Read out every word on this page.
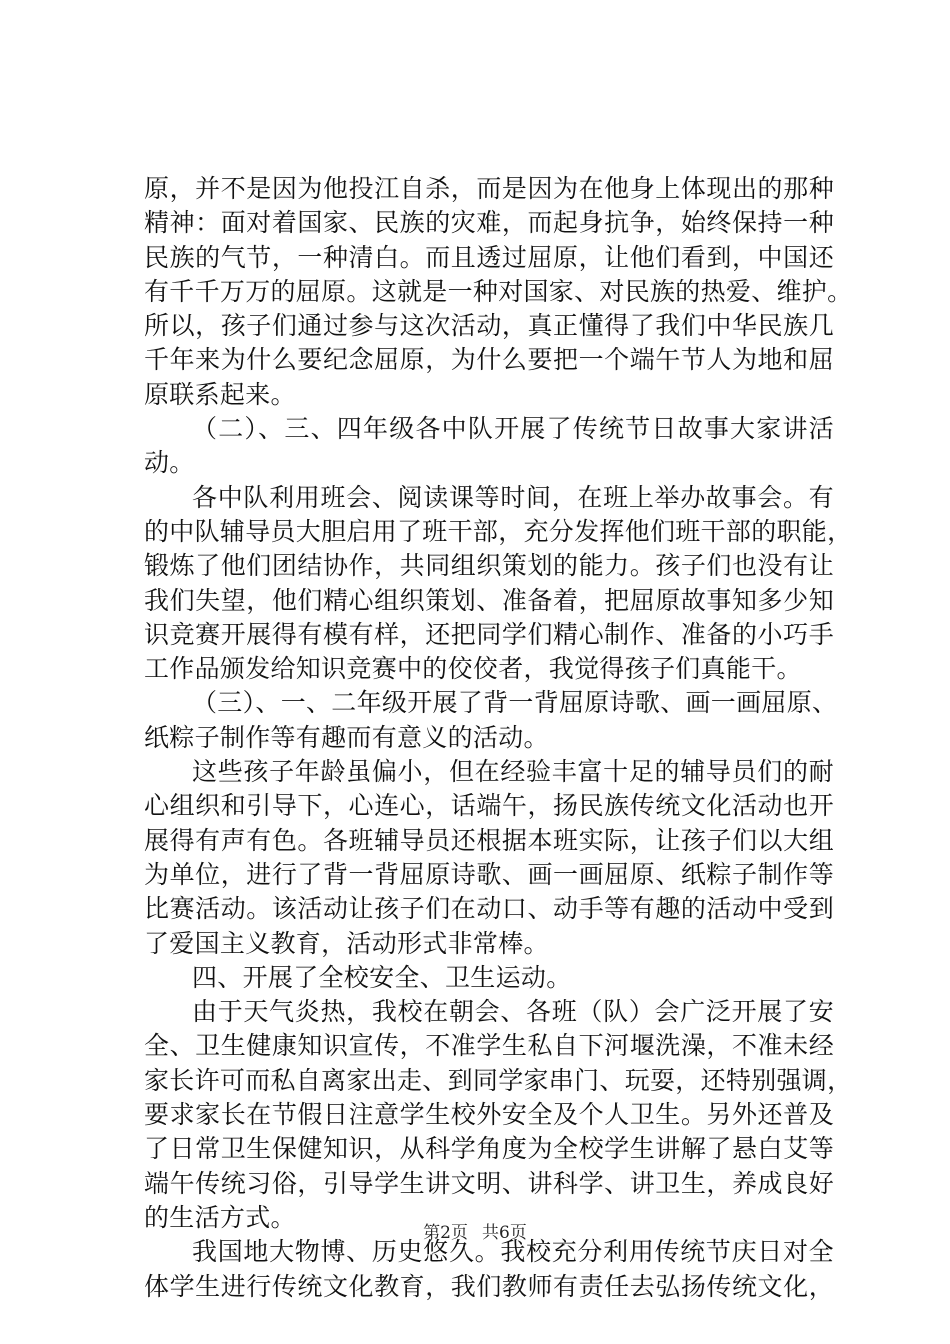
原，并不是因为他投江自杀，而是因为在他身上体现出的那种
精神：面对着国家、民族的灾难，而起身抗争，始终保持一种
民族的气节，一种清白。而且透过屈原，让他们看到，中国还
有千千万万的屈原。这就是一种对国家、对民族的热爱、维护。
所以，孩子们通过参与这次活动，真正懂得了我们中华民族几
千年来为什么要纪念屈原，为什么要把一个端午节人为地和屈
原联系起来。
（二）、三、四年级各中队开展了传统节日故事大家讲活
动。
各中队利用班会、阅读课等时间，在班上举办故事会。有
的中队辅导员大胆启用了班干部，充分发挥他们班干部的职能，
锻炼了他们团结协作，共同组织策划的能力。孩子们也没有让
我们失望，他们精心组织策划、准备着，把屈原故事知多少知
识竞赛开展得有模有样，还把同学们精心制作、准备的小巧手
工作品颁发给知识竞赛中的佼佼者，我觉得孩子们真能干。
（三）、一、二年级开展了背一背屈原诗歌、画一画屈原、
纸粽子制作等有趣而有意义的活动。
这些孩子年龄虽偏小，但在经验丰富十足的辅导员们的耐
心组织和引导下，心连心，话端午，扬民族传统文化活动也开
展得有声有色。各班辅导员还根据本班实际，让孩子们以大组
为单位，进行了背一背屈原诗歌、画一画屈原、纸粽子制作等
比赛活动。该活动让孩子们在动口、动手等有趣的活动中受到
了爱国主义教育，活动形式非常棒。
四、开展了全校安全、卫生运动。
由于天气炎热，我校在朝会、各班（队）会广泛开展了安
全、卫生健康知识宣传，不准学生私自下河堰洗澡，不准未经
家长许可而私自离家出走、到同学家串门、玩耍，还特别强调，
要求家长在节假日注意学生校外安全及个人卫生。另外还普及
了日常卫生保健知识，从科学角度为全校学生讲解了悬白艾等
端午传统习俗，引导学生讲文明、讲科学、讲卫生，养成良好
的生活方式。
我国地大物博、历史悠久。我校充分利用传统节庆日对全
体学生进行传统文化教育，我们教师有责任去弘扬传统文化，
第2页 共6页
